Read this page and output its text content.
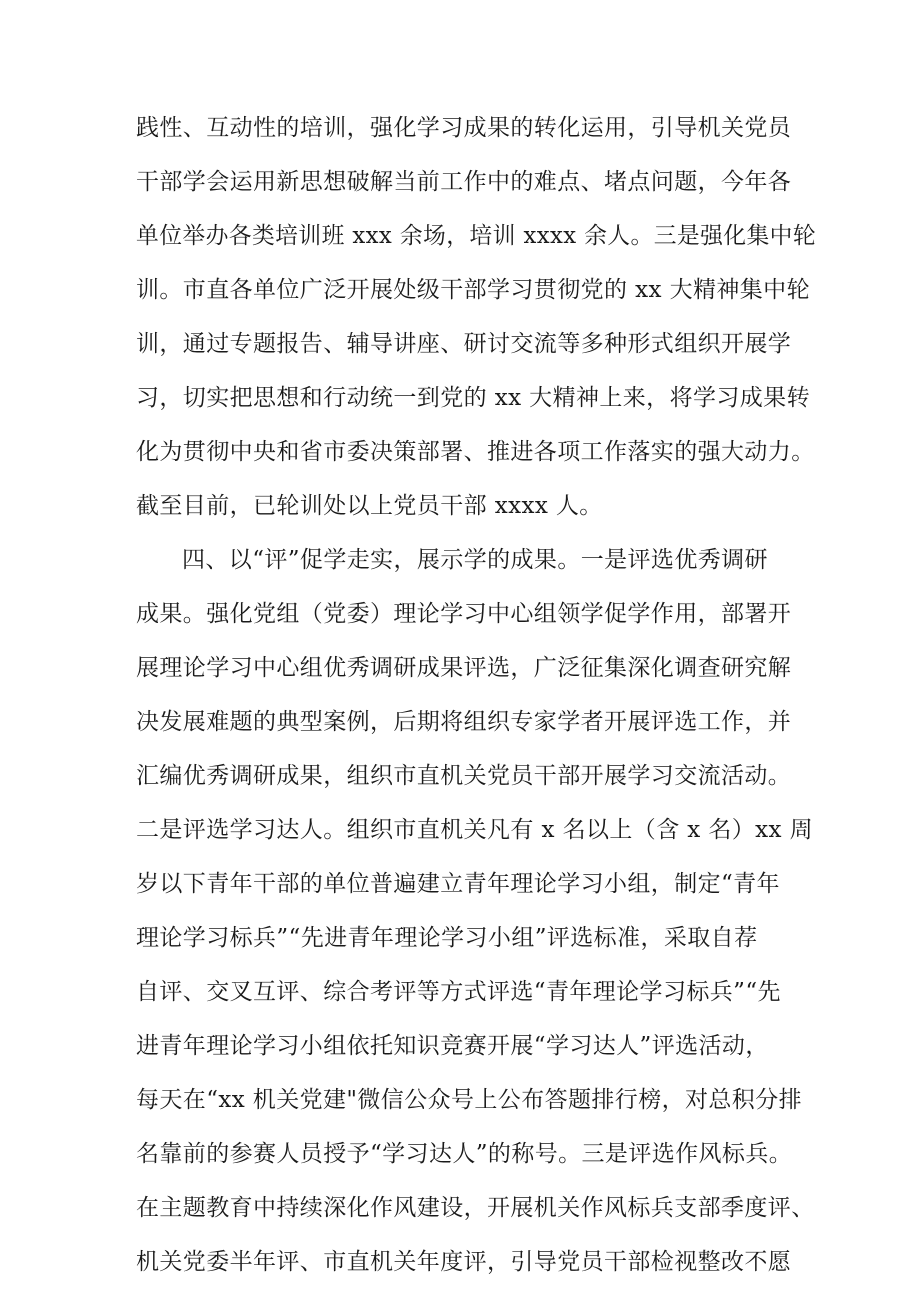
践性、互动性的培训，强化学习成果的转化运用，引导机关党员
干部学会运用新思想破解当前工作中的难点、堵点问题，今年各
单位举办各类培训班 xxx 余场，培训 xxxx 余人。三是强化集中轮
训。市直各单位广泛开展处级干部学习贯彻党的 xx 大精神集中轮
训，通过专题报告、辅导讲座、研讨交流等多种形式组织开展学
习，切实把思想和行动统一到党的 xx 大精神上来，将学习成果转
化为贯彻中央和省市委决策部署、推进各项工作落实的强大动力。
截至目前，已轮训处以上党员干部 xxxx 人。
四、以“评”促学走实，展示学的成果。一是评选优秀调研
成果。强化党组（党委）理论学习中心组领学促学作用，部署开
展理论学习中心组优秀调研成果评选，广泛征集深化调查研究解
决发展难题的典型案例，后期将组织专家学者开展评选工作，并
汇编优秀调研成果，组织市直机关党员干部开展学习交流活动。
二是评选学习达人。组织市直机关凡有 x 名以上（含 x 名）xx 周
岁以下青年干部的单位普遍建立青年理论学习小组，制定“青年
理论学习标兵”“先进青年理论学习小组”评选标准，采取自荐
自评、交叉互评、综合考评等方式评选“青年理论学习标兵”“先
进青年理论学习小组依托知识竞赛开展“学习达人”评选活动，
每天在“xx 机关党建"微信公众号上公布答题排行榜，对总积分排
名靠前的参赛人员授予“学习达人”的称号。三是评选作风标兵。
在主题教育中持续深化作风建设，开展机关作风标兵支部季度评、
机关党委半年评、市直机关年度评，引导党员干部检视整改不愿
